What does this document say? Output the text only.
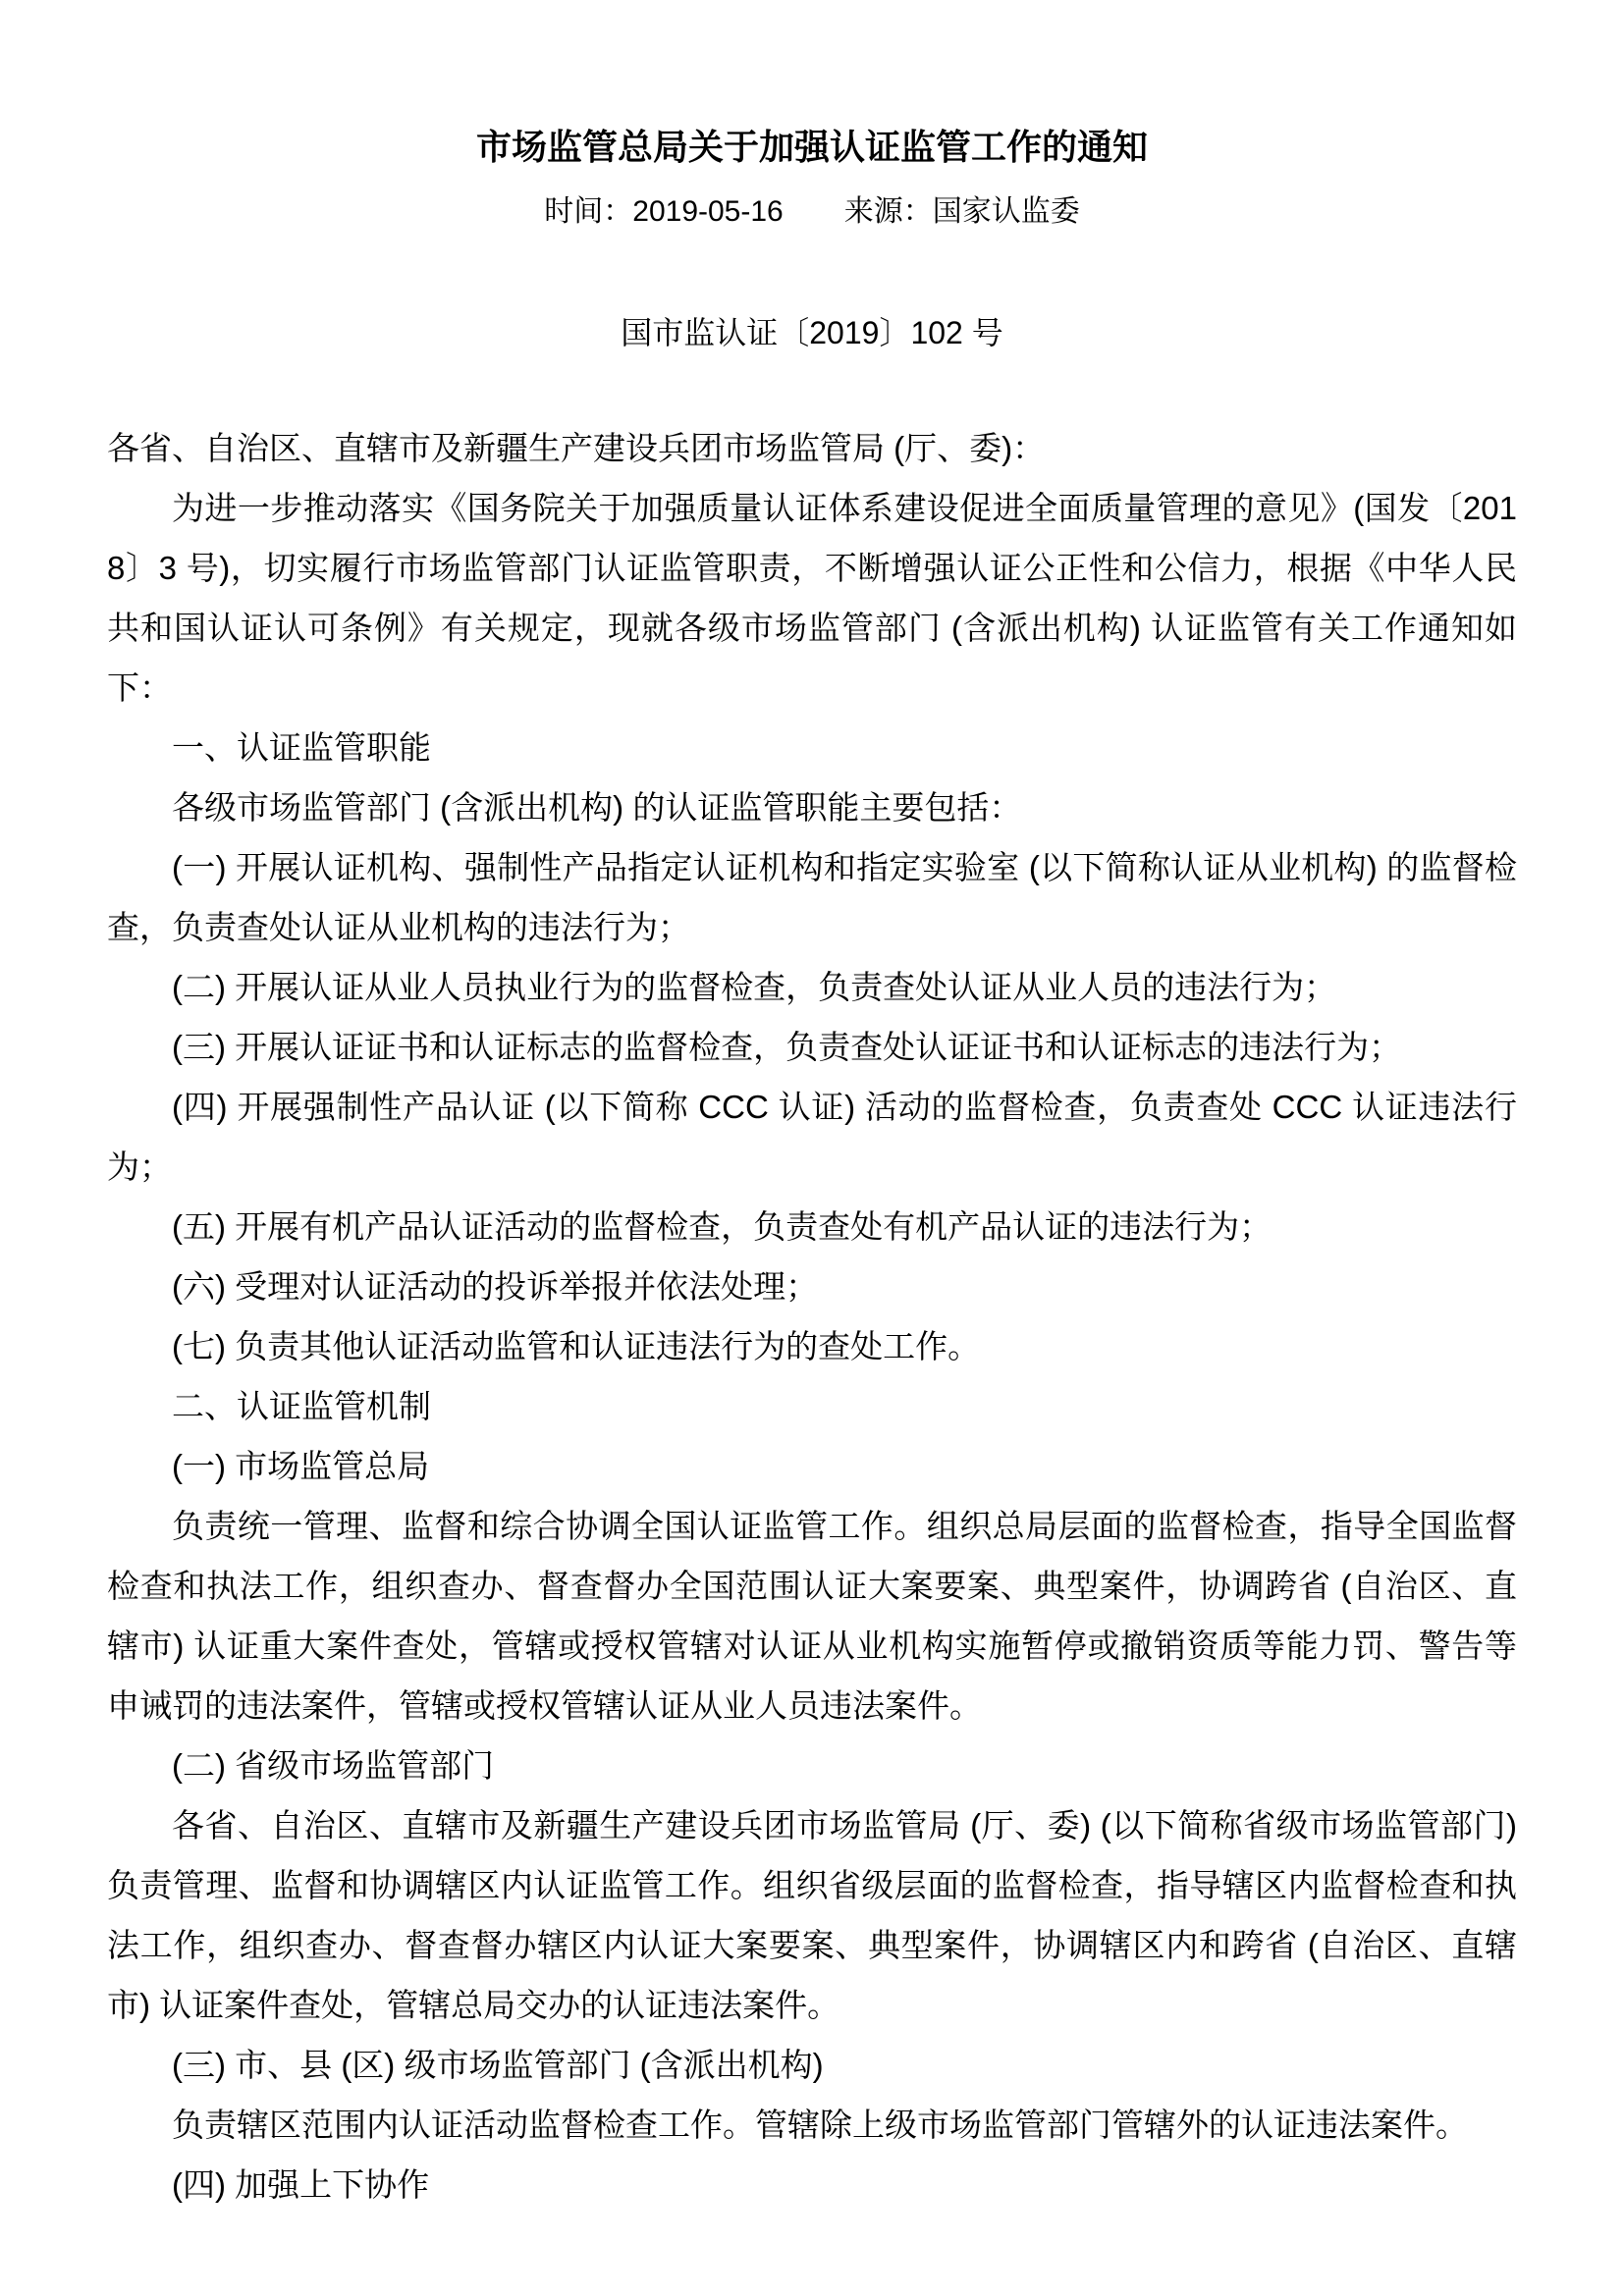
市场监管总局关于加强认证监管工作的通知
时间：2019-05-16 来源：国家认监委
国市监认证〔2019〕102 号

各省、自治区、直辖市及新疆生产建设兵团市场监管局 (厅、委)：

为进一步推动落实《国务院关于加强质量认证体系建设促进全面质量管理的意见》(国发〔2018〕3 号)，切实履行市场监管部门认证监管职责，不断增强认证公正性和公信力，根据《中华人民共和国认证认可条例》有关规定，现就各级市场监管部门 (含派出机构) 认证监管有关工作通知如下：

一、认证监管职能

各级市场监管部门 (含派出机构) 的认证监管职能主要包括：

(一) 开展认证机构、强制性产品指定认证机构和指定实验室 (以下简称认证从业机构) 的监督检查，负责查处认证从业机构的违法行为；

(二) 开展认证从业人员执业行为的监督检查，负责查处认证从业人员的违法行为；

(三) 开展认证证书和认证标志的监督检查，负责查处认证证书和认证标志的违法行为；

(四) 开展强制性产品认证 (以下简称 CCC 认证) 活动的监督检查，负责查处 CCC 认证违法行为；

(五) 开展有机产品认证活动的监督检查，负责查处有机产品认证的违法行为；

(六) 受理对认证活动的投诉举报并依法处理；

(七) 负责其他认证活动监管和认证违法行为的查处工作。

二、认证监管机制

(一) 市场监管总局

负责统一管理、监督和综合协调全国认证监管工作。组织总局层面的监督检查，指导全国监督检查和执法工作，组织查办、督查督办全国范围认证大案要案、典型案件，协调跨省 (自治区、直辖市) 认证重大案件查处，管辖或授权管辖对认证从业机构实施暂停或撤销资质等能力罚、警告等申诫罚的违法案件，管辖或授权管辖认证从业人员违法案件。

(二) 省级市场监管部门

各省、自治区、直辖市及新疆生产建设兵团市场监管局 (厅、委) (以下简称省级市场监管部门) 负责管理、监督和协调辖区内认证监管工作。组织省级层面的监督检查，指导辖区内监督检查和执法工作，组织查办、督查督办辖区内认证大案要案、典型案件，协调辖区内和跨省 (自治区、直辖市) 认证案件查处，管辖总局交办的认证违法案件。

(三) 市、县 (区) 级市场监管部门 (含派出机构)

负责辖区范围内认证活动监督检查工作。管辖除上级市场监管部门管辖外的认证违法案件。

(四) 加强上下协作
